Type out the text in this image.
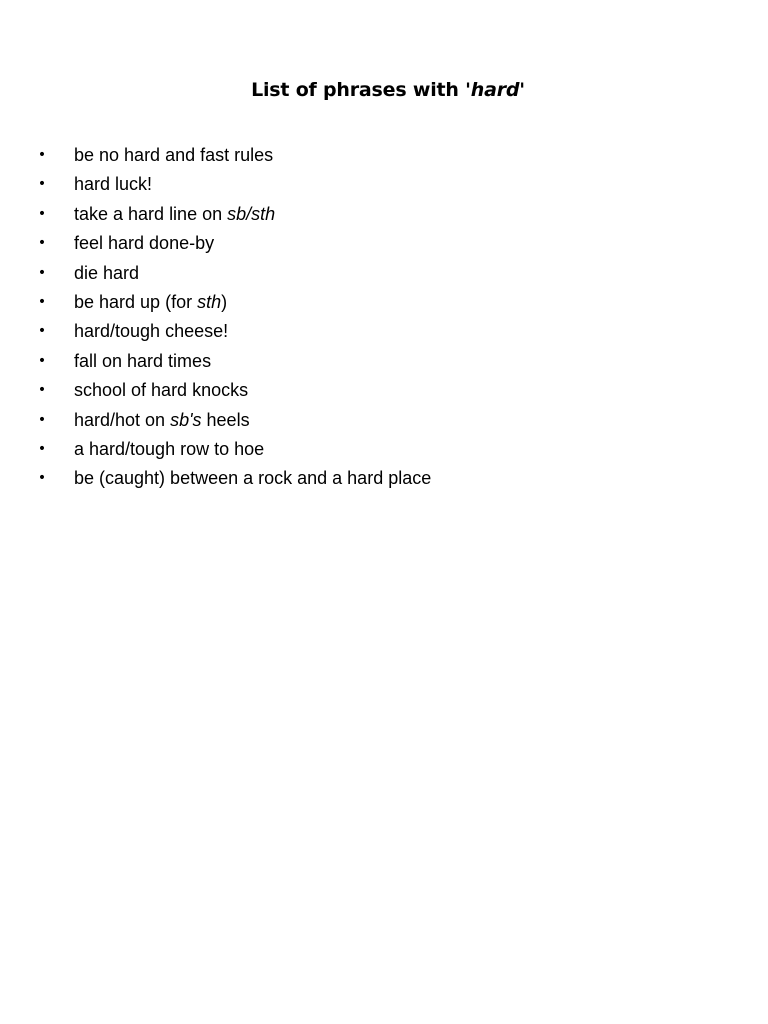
List of phrases with 'hard'
• be no hard and fast rules
• hard luck!
• take a hard line on sb/sth
• feel hard done-by
• die hard
• be hard up (for sth)
• hard/tough cheese!
• fall on hard times
• school of hard knocks
• hard/hot on sb's heels
• a hard/tough row to hoe
• be (caught) between a rock and a hard place
